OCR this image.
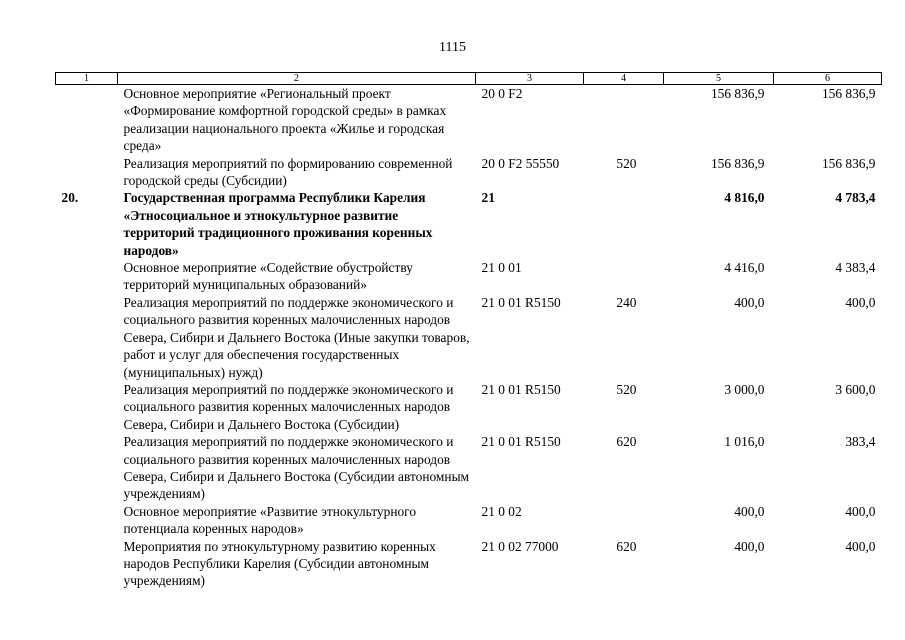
1115
1	2	3	4	5	6
	Основное мероприятие «Региональный проект «Формирование комфортной городской среды» в рамках реализации национального проекта «Жилье и городская среда»	20 0 F2		156 836,9	156 836,9
	Реализация мероприятий по формированию современной городской среды (Субсидии)	20 0 F2 55550	520	156 836,9	156 836,9
20.	Государственная программа Республики Карелия «Этносоциальное и этнокультурное развитие территорий традиционного проживания коренных народов»	21		4 816,0	4 783,4
	Основное мероприятие «Содействие обустройству территорий муниципальных образований»	21 0 01		4 416,0	4 383,4
	Реализация мероприятий по поддержке экономического и социального развития коренных малочисленных народов Севера, Сибири и Дальнего Востока (Иные закупки товаров, работ и услуг для обеспечения государственных (муниципальных) нужд)	21 0 01 R5150	240	400,0	400,0
	Реализация мероприятий по поддержке экономического и социального развития коренных малочисленных народов Севера, Сибири и Дальнего Востока (Субсидии)	21 0 01 R5150	520	3 000,0	3 600,0
	Реализация мероприятий по поддержке экономического и социального развития коренных малочисленных народов Севера, Сибири и Дальнего Востока (Субсидии автономным учреждениям)	21 0 01 R5150	620	1 016,0	383,4
	Основное мероприятие «Развитие этнокультурного потенциала коренных народов»	21 0 02		400,0	400,0
	Мероприятия по этнокультурному развитию коренных народов Республики Карелия (Субсидии автономным учреждениям)	21 0 02 77000	620	400,0	400,0
